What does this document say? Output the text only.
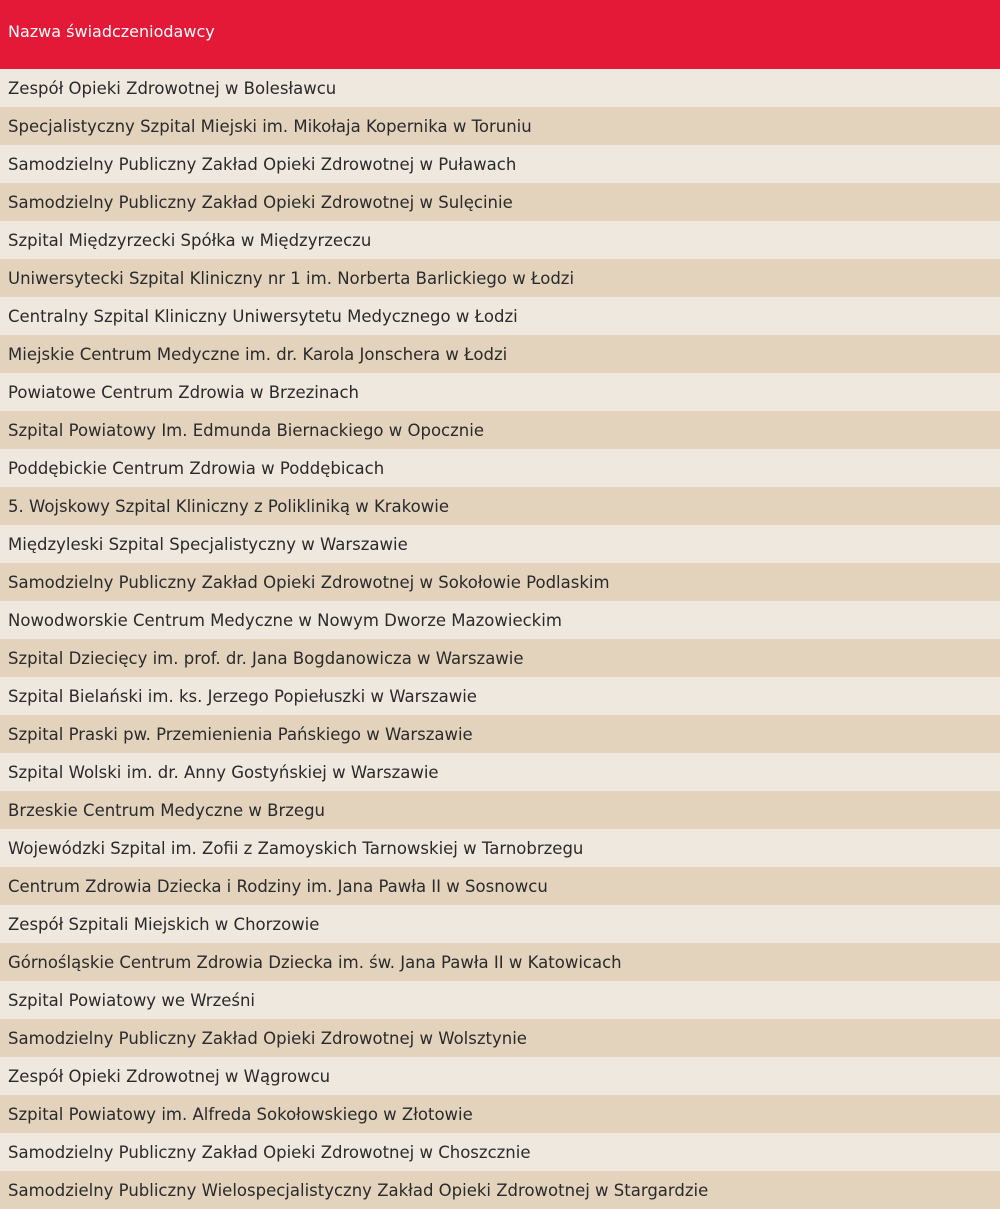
Nazwa świadczeniodawcy
Zespół Opieki Zdrowotnej w Bolesławcu
Specjalistyczny Szpital Miejski im. Mikołaja Kopernika w Toruniu
Samodzielny Publiczny Zakład Opieki Zdrowotnej w Puławach
Samodzielny Publiczny Zakład Opieki Zdrowotnej w Sulęcinie
Szpital Międzyrzecki Spółka w Międzyrzeczu
Uniwersytecki Szpital Kliniczny nr 1 im. Norberta Barlickiego w Łodzi
Centralny Szpital Kliniczny Uniwersytetu Medycznego w Łodzi
Miejskie Centrum Medyczne im. dr. Karola Jonschera w Łodzi
Powiatowe Centrum Zdrowia w Brzezinach
Szpital Powiatowy Im. Edmunda Biernackiego w Opocznie
Poddębickie Centrum Zdrowia w Poddębicach
5. Wojskowy Szpital Kliniczny z Polikliniką w Krakowie
Międzyleski Szpital Specjalistyczny w Warszawie
Samodzielny Publiczny Zakład Opieki Zdrowotnej w Sokołowie Podlaskim
Nowodworskie Centrum Medyczne w Nowym Dworze Mazowieckim
Szpital Dziecięcy im. prof. dr. Jana Bogdanowicza w Warszawie
Szpital Bielański im. ks. Jerzego Popiełuszki w Warszawie
Szpital Praski pw. Przemienienia Pańskiego w Warszawie
Szpital Wolski im. dr. Anny Gostyńskiej w Warszawie
Brzeskie Centrum Medyczne w Brzegu
Wojewódzki Szpital im. Zofii z Zamoyskich Tarnowskiej w Tarnobrzegu
Centrum Zdrowia Dziecka i Rodziny im. Jana Pawła II w Sosnowcu
Zespół Szpitali Miejskich w Chorzowie
Górnośląskie Centrum Zdrowia Dziecka im. św. Jana Pawła II w Katowicach
Szpital Powiatowy we Wrześni
Samodzielny Publiczny Zakład Opieki Zdrowotnej w Wolsztynie
Zespół Opieki Zdrowotnej w Wągrowcu
Szpital Powiatowy im. Alfreda Sokołowskiego w Złotowie
Samodzielny Publiczny Zakład Opieki Zdrowotnej w Choszcznie
Samodzielny Publiczny Wielospecjalistyczny Zakład Opieki Zdrowotnej w Stargardzie
